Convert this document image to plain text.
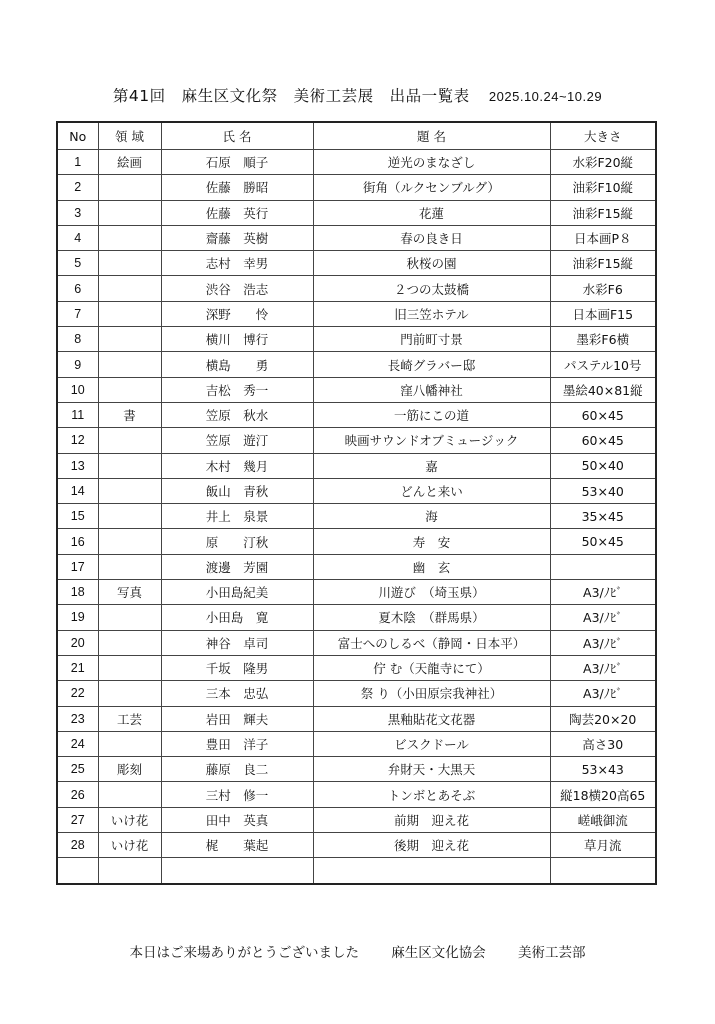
第41回　麻生区文化祭　美術工芸展　出品一覧表 2025.10.24~10.29
No	領 域	氏 名	題 名	大きさ
1	絵画	石原　順子	逆光のまなざし	水彩F20縦
2		佐藤　勝昭	街角（ルクセンブルグ）	油彩F10縦
3		佐藤　英行	花蓮	油彩F15縦
4		齋藤　英樹	春の良き日	日本画P８
5		志村　幸男	秋桜の園	油彩F15縦
6		渋谷　浩志	２つの太鼓橋	水彩F6
7		深野　　怜	旧三笠ホテル	日本画F15
8		横川　博行	門前町寸景	墨彩F6横
9		横島　　勇	長崎グラバー邸	パステル10号
10		吉松　秀一	窪八幡神社	墨絵40×81縦
11	書	笠原　秋水	一筋にこの道	60×45
12		笠原　遊汀	映画サウンドオブミュージック	60×45
13		木村　幾月	嘉	50×40
14		飯山　青秋	どんと来い	53×40
15		井上　泉景	海	35×45
16		原　　汀秋	寿　安	50×45
17		渡邊　芳園	幽　玄	
18	写真	小田島紀美	川遊び　（埼玉県）	A3/ﾉﾋﾞ
19		小田島　寛	夏木陰　（群馬県）	A3/ﾉﾋﾞ
20		神谷　卓司	富士へのしるべ（静岡・日本平）	A3/ﾉﾋﾞ
21		千坂　隆男	佇 む（天龍寺にて）	A3/ﾉﾋﾞ
22		三本　忠弘	祭 り（小田原宗我神社）	A3/ﾉﾋﾞ
23	工芸	岩田　輝夫	黒釉貼花文花器	陶芸20×20
24		豊田　洋子	ビスクドール	高さ30
25	彫刻	藤原　良二	弁財天・大黒天	53×43
26		三村　修一	トンボとあそぶ	縦18横20高65
27	いけ花	田中　英真	前期　迎え花	嵯峨御流
28	いけ花	梶　　葉起	後期　迎え花	草月流

本日はご来場ありがとうございました 麻生区文化協会 美術工芸部
